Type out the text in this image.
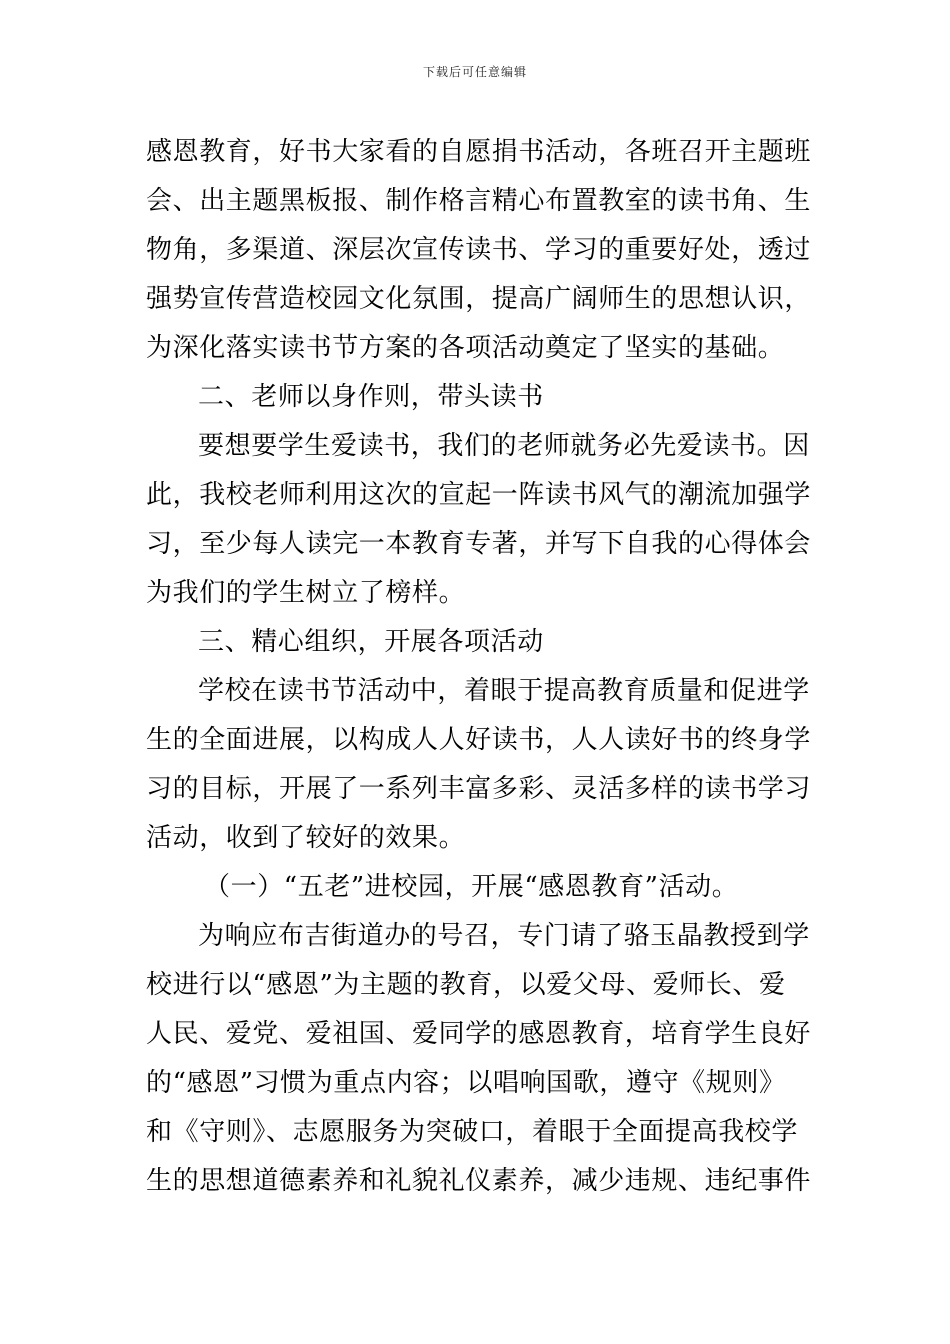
下载后可任意编辑
感恩教育，好书大家看的自愿捐书活动，各班召开主题班
会、出主题黑板报、制作格言精心布置教室的读书角、生
物角，多渠道、深层次宣传读书、学习的重要好处，透过
强势宣传营造校园文化氛围，提高广阔师生的思想认识，
为深化落实读书节方案的各项活动奠定了坚实的基础。
二、老师以身作则，带头读书
要想要学生爱读书，我们的老师就务必先爱读书。因
此，我校老师利用这次的宣起一阵读书风气的潮流加强学
习，至少每人读完一本教育专著，并写下自我的心得体会
为我们的学生树立了榜样。
三、精心组织，开展各项活动
学校在读书节活动中，着眼于提高教育质量和促进学
生的全面进展，以构成人人好读书，人人读好书的终身学
习的目标，开展了一系列丰富多彩、灵活多样的读书学习
活动，收到了较好的效果。
（一）“五老”进校园，开展“感恩教育”活动。
为响应布吉街道办的号召，专门请了骆玉晶教授到学
校进行以“感恩”为主题的教育，以爱父母、爱师长、爱
人民、爱党、爱祖国、爱同学的感恩教育，培育学生良好
的“感恩”习惯为重点内容；以唱响国歌，遵守《规则》
和《守则》、志愿服务为突破口，着眼于全面提高我校学
生的思想道德素养和礼貌礼仪素养，减少违规、违纪事件
